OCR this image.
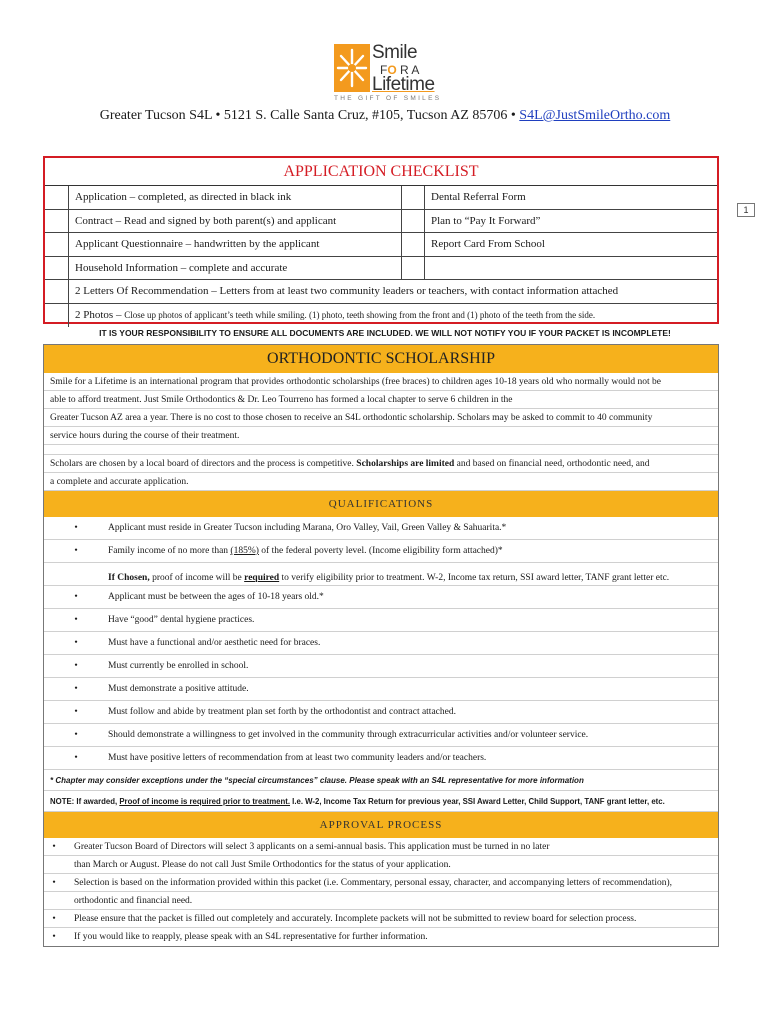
Smile
FO R A
Lifetime
THE GIFT OF SMILES
Greater Tucson S4L • 5121 S. Calle Santa Cruz, #105, Tucson AZ 85706 • S4L@JustSmileOrtho.com
1
APPLICATION CHECKLIST
Application – completed, as directed in black ink	Dental Referral Form
Contract – Read and signed by both parent(s) and applicant	Plan to “Pay It Forward”
Applicant Questionnaire – handwritten by the applicant	Report Card From School
Household Information – complete and accurate
2 Letters Of Recommendation – Letters from at least two community leaders or teachers, with contact information attached
2 Photos – Close up photos of applicant’s teeth while smiling. (1) photo, teeth showing from the front and (1) photo of the teeth from the side.
IT IS YOUR RESPONSIBILITY TO ENSURE ALL DOCUMENTS ARE INCLUDED. WE WILL NOT NOTIFY YOU IF YOUR PACKET IS INCOMPLETE!
ORTHODONTIC SCHOLARSHIP
Smile for a Lifetime is an international program that provides orthodontic scholarships (free braces) to children ages 10-18 years old who normally would not be
able to afford treatment. Just Smile Orthodontics & Dr. Leo Tourreno has formed a local chapter to serve 6 children in the
Greater Tucson AZ area a year. There is no cost to those chosen to receive an S4L orthodontic scholarship. Scholars may be asked to commit to 40 community
service hours during the course of their treatment.
Scholars are chosen by a local board of directors and the process is competitive. Scholarships are limited and based on financial need, orthodontic need, and
a complete and accurate application.
QUALIFICATIONS
•	Applicant must reside in Greater Tucson including Marana, Oro Valley, Vail, Green Valley & Sahuarita.*
•	Family income of no more than (185%) of the federal poverty level. (Income eligibility form attached)*
If Chosen, proof of income will be required to verify eligibility prior to treatment. W-2, Income tax return, SSI award letter, TANF grant letter etc.
•	Applicant must be between the ages of 10-18 years old.*
•	Have “good” dental hygiene practices.
•	Must have a functional and/or aesthetic need for braces.
•	Must currently be enrolled in school.
•	Must demonstrate a positive attitude.
•	Must follow and abide by treatment plan set forth by the orthodontist and contract attached.
•	Should demonstrate a willingness to get involved in the community through extracurricular activities and/or volunteer service.
•	Must have positive letters of recommendation from at least two community leaders and/or teachers.
* Chapter may consider exceptions under the “special circumstances” clause. Please speak with an S4L representative for more information
NOTE: If awarded, Proof of income is required prior to treatment. I.e. W-2, Income Tax Return for previous year, SSI Award Letter, Child Support, TANF grant letter, etc.
APPROVAL PROCESS
•	Greater Tucson Board of Directors will select 3 applicants on a semi-annual basis. This application must be turned in no later
than March or August. Please do not call Just Smile Orthodontics for the status of your application.
•	Selection is based on the information provided within this packet (i.e. Commentary, personal essay, character, and accompanying letters of recommendation),
orthodontic and financial need.
•	Please ensure that the packet is filled out completely and accurately. Incomplete packets will not be submitted to review board for selection process.
•	If you would like to reapply, please speak with an S4L representative for further information.
